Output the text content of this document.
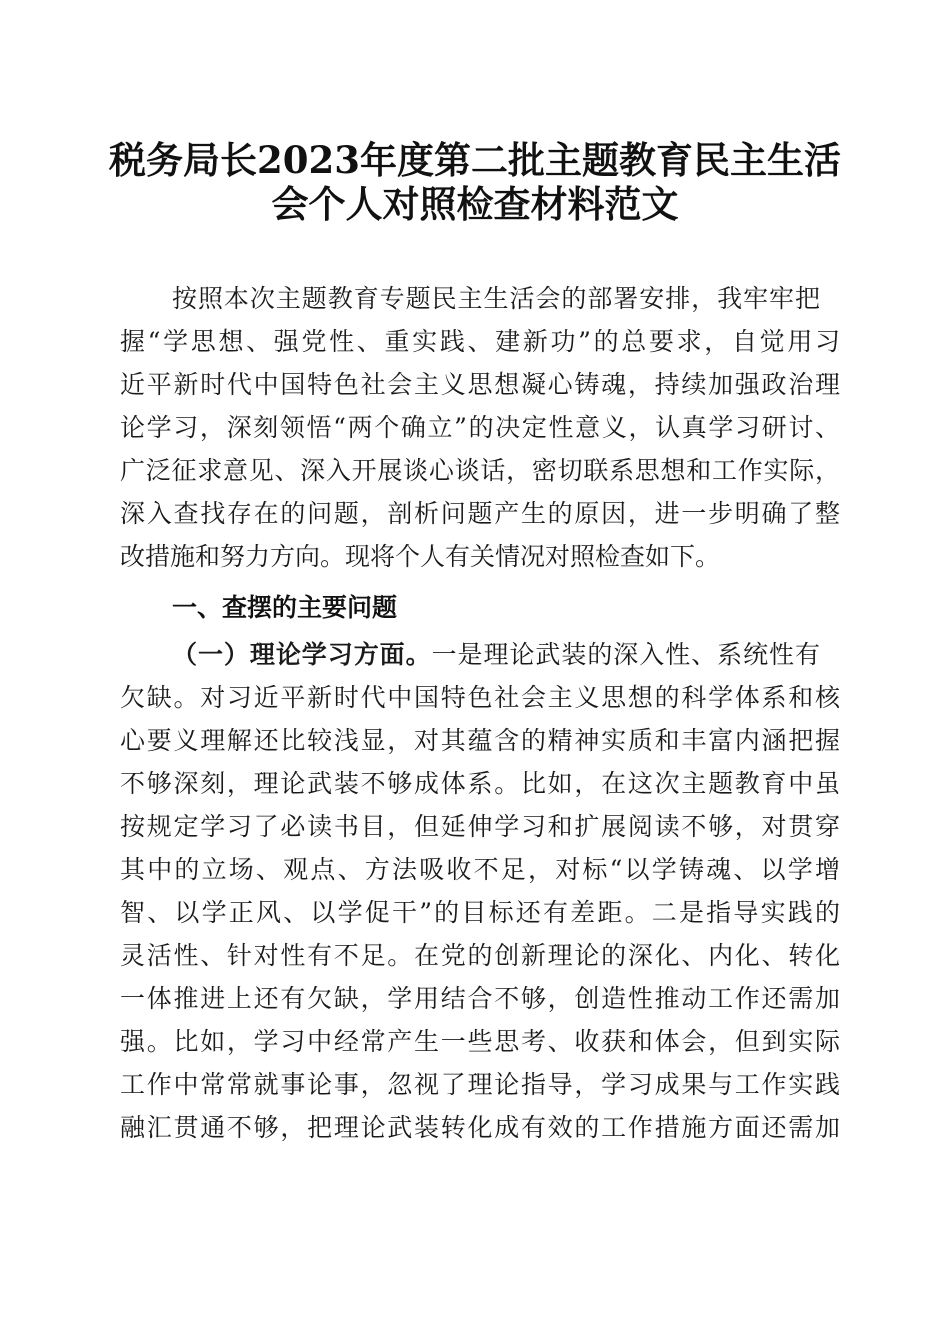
税务局长2023年度第二批主题教育民主生活
会个人对照检查材料范文
按照本次主题教育专题民主生活会的部署安排，我牢牢把
握“学思想、强党性、重实践、建新功”的总要求，自觉用习
近平新时代中国特色社会主义思想凝心铸魂，持续加强政治理
论学习，深刻领悟“两个确立”的决定性意义，认真学习研讨、
广泛征求意见、深入开展谈心谈话，密切联系思想和工作实际，
深入查找存在的问题，剖析问题产生的原因，进一步明确了整
改措施和努力方向。现将个人有关情况对照检查如下。
一、查摆的主要问题
（一）理论学习方面。一是理论武装的深入性、系统性有
欠缺。对习近平新时代中国特色社会主义思想的科学体系和核
心要义理解还比较浅显，对其蕴含的精神实质和丰富内涵把握
不够深刻，理论武装不够成体系。比如，在这次主题教育中虽
按规定学习了必读书目，但延伸学习和扩展阅读不够，对贯穿
其中的立场、观点、方法吸收不足，对标“以学铸魂、以学增
智、以学正风、以学促干”的目标还有差距。二是指导实践的
灵活性、针对性有不足。在党的创新理论的深化、内化、转化
一体推进上还有欠缺，学用结合不够，创造性推动工作还需加
强。比如，学习中经常产生一些思考、收获和体会，但到实际
工作中常常就事论事，忽视了理论指导，学习成果与工作实践
融汇贯通不够，把理论武装转化成有效的工作措施方面还需加
